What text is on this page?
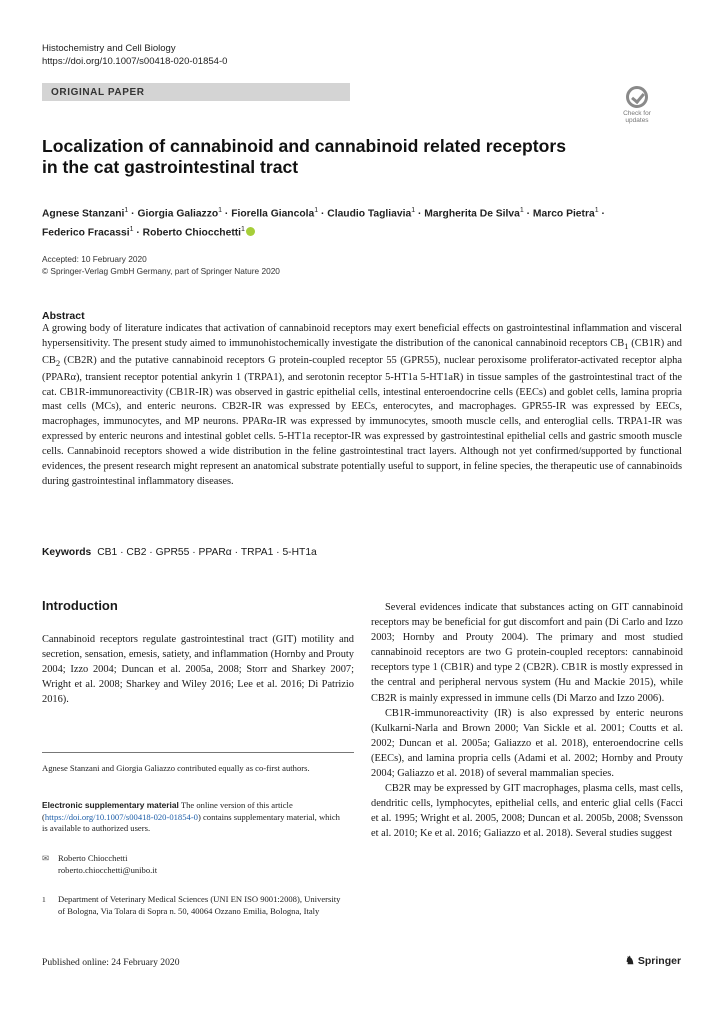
Histochemistry and Cell Biology
https://doi.org/10.1007/s00418-020-01854-0
ORIGINAL PAPER
Check for
updates
Localization of cannabinoid and cannabinoid related receptors
in the cat gastrointestinal tract
Agnese Stanzani$^1$ · Giorgia Galiazzo$^1$ · Fiorella Giancola$^1$ · Claudio Tagliavia$^1$ · Margherita De Silva$^1$ · Marco Pietra$^1$ ·
Federico Fracassi$^1$ · Roberto Chiocchetti$^1$
Accepted: 10 February 2020
© Springer-Verlag GmbH Germany, part of Springer Nature 2020
Abstract

A growing body of literature indicates that activation of cannabinoid receptors may exert beneficial effects on gastrointestinal inflammation and visceral hypersensitivity. The present study aimed to immunohistochemically investigate the distribution of the canonical cannabinoid receptors $CB_1$ (CB1R) and $CB_2$ (CB2R) and the putative cannabinoid receptors G protein-coupled receptor 55 (GPR55), nuclear peroxisome proliferator-activated receptor alpha (PPARα), transient receptor potential ankyrin 1 (TRPA1), and serotonin receptor 5-HT1a 5-HT1aR) in tissue samples of the gastrointestinal tract of the cat. CB1R-immunoreactivity (CB1R-IR) was observed in gastric epithelial cells, intestinal enteroendocrine cells (EECs) and goblet cells, lamina propria mast cells (MCs), and enteric neurons. CB2R-IR was expressed by EECs, enterocytes, and macrophages. GPR55-IR was expressed by EECs, macrophages, immunocytes, and MP neurons. PPARα-IR was expressed by immunocytes, smooth muscle cells, and enteroglial cells. TRPA1-IR was expressed by enteric neurons and intestinal goblet cells. 5-HT1a receptor-IR was expressed by gastrointestinal epithelial cells and gastric smooth muscle cells. Cannabinoid receptors showed a wide distribution in the feline gastrointestinal tract layers. Although not yet confirmed/supported by functional evidences, the present research might represent an anatomical substrate potentially useful to support, in feline species, the therapeutic use of cannabinoids during gastrointestinal inflammatory diseases.

Keywords CB1 · CB2 · GPR55 · PPARα · TRPA1 · 5-HT1a
Introduction

Cannabinoid receptors regulate gastrointestinal tract (GIT) motility and secretion, sensation, emesis, satiety, and inflammation (Hornby and Prouty 2004; Izzo 2004; Duncan et al. 2005a, 2008; Storr and Sharkey 2007; Wright et al. 2008; Sharkey and Wiley 2016; Lee et al. 2016; Di Patrizio 2016).

Agnese Stanzani and Giorgia Galiazzo contributed equally as co-first authors.
Electronic supplementary material The online version of this article (https://doi.org/10.1007/s00418-020-01854-0) contains supplementary material, which is available to authorized users.
✉ Roberto Chiocchetti
roberto.chiocchetti@unibo.it
1	Department of Veterinary Medical Sciences (UNI EN ISO 9001:2008), University of Bologna, Via Tolara di Sopra n. 50, 40064 Ozzano Emilia, Bologna, Italy

Several evidences indicate that substances acting on GIT cannabinoid receptors may be beneficial for gut discomfort and pain (Di Carlo and Izzo 2003; Hornby and Prouty 2004). The primary and most studied cannabinoid receptors are two G protein-coupled receptors: cannabinoid receptors type 1 (CB1R) and type 2 (CB2R). CB1R is mostly expressed in the central and peripheral nervous system (Hu and Mackie 2015), while CB2R is mainly expressed in immune cells (Di Marzo and Izzo 2006).

CB1R-immunoreactivity (IR) is also expressed by enteric neurons (Kulkarni-Narla and Brown 2000; Van Sickle et al. 2001; Coutts et al. 2002; Duncan et al. 2005a; Galiazzo et al. 2018), enteroendocrine cells (EECs), and lamina propria cells (Adami et al. 2002; Hornby and Prouty 2004; Galiazzo et al. 2018) of several mammalian species.

CB2R may be expressed by GIT macrophages, plasma cells, mast cells, dendritic cells, lymphocytes, epithelial cells, and enteric glial cells (Facci et al. 1995; Wright et al. 2005, 2008; Duncan et al. 2005b, 2008; Svensson et al. 2010; Ke et al. 2016; Galiazzo et al. 2018). Several studies suggest

Published online: 24 February 2020	♞ Springer
